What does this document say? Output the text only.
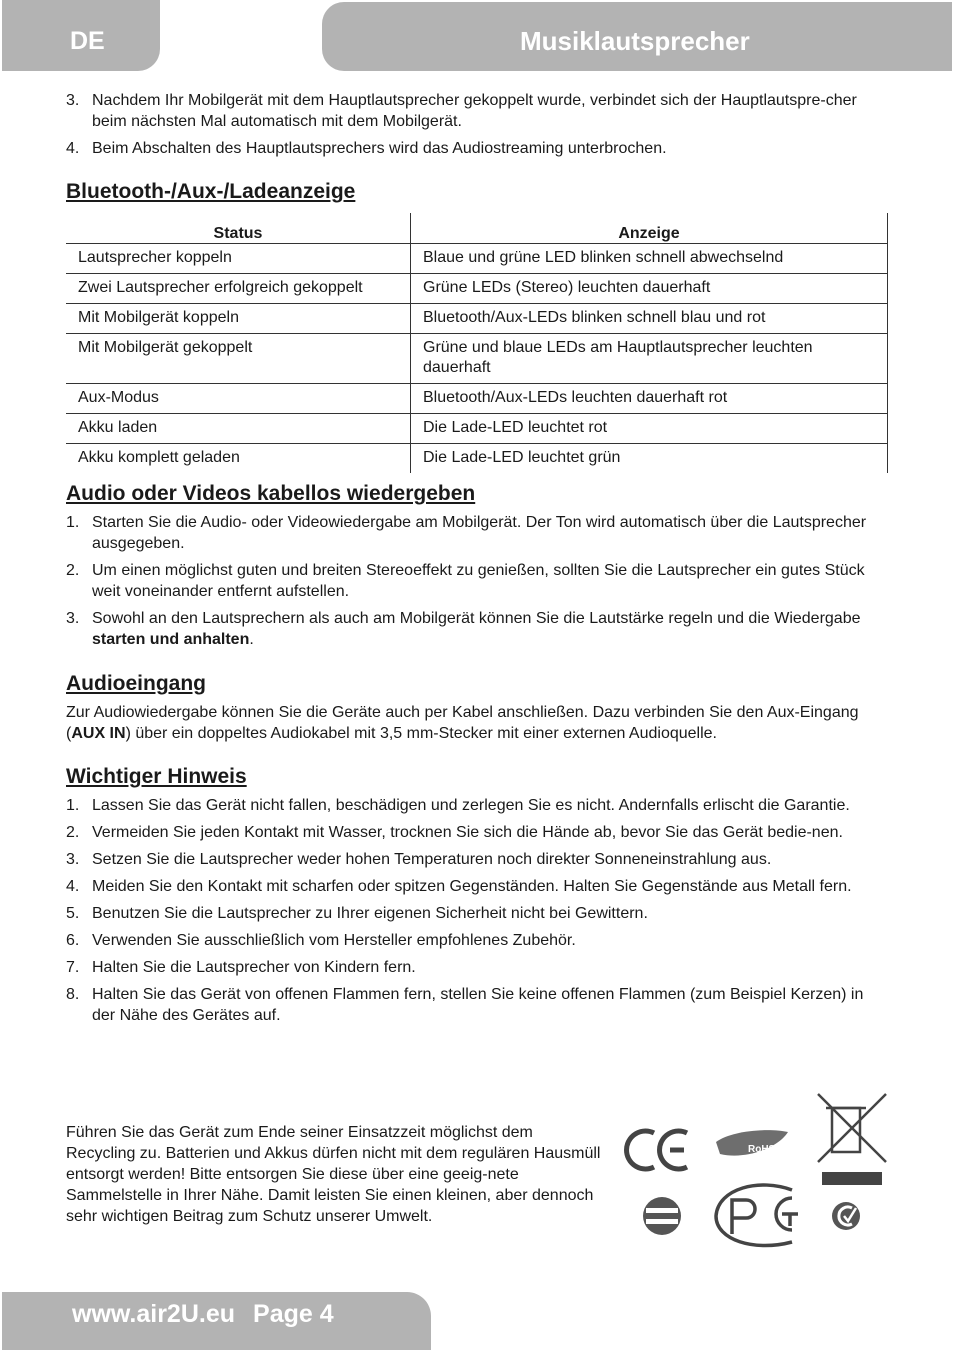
DE	Musiklautsprecher
3. Nachdem Ihr Mobilgerät mit dem Hauptlautsprecher gekoppelt wurde, verbindet sich der Hauptlautspre-cher beim nächsten Mal automatisch mit dem Mobilgerät.
4. Beim Abschalten des Hauptlautsprechers wird das Audiostreaming unterbrochen.
Bluetooth-/Aux-/Ladeanzeige
Status	Anzeige
Lautsprecher koppeln	Blaue und grüne LED blinken schnell abwechselnd
Zwei Lautsprecher erfolgreich gekoppelt	Grüne LEDs (Stereo) leuchten dauerhaft
Mit Mobilgerät koppeln	Bluetooth/Aux-LEDs blinken schnell blau und rot
Mit Mobilgerät gekoppelt	Grüne und blaue LEDs am Hauptlautsprecher leuchten dauerhaft
Aux-Modus	Bluetooth/Aux-LEDs leuchten dauerhaft rot
Akku laden	Die Lade-LED leuchtet rot
Akku komplett geladen	Die Lade-LED leuchtet grün
Audio oder Videos kabellos wiedergeben
1. Starten Sie die Audio- oder Videowiedergabe am Mobilgerät. Der Ton wird automatisch über die Lautsprecher ausgegeben.
2. Um einen möglichst guten und breiten Stereoeffekt zu genießen, sollten Sie die Lautsprecher ein gutes Stück weit voneinander entfernt aufstellen.
3. Sowohl an den Lautsprechern als auch am Mobilgerät können Sie die Lautstärke regeln und die Wiedergabe starten und anhalten.
Audioeingang
Zur Audiowiedergabe können Sie die Geräte auch per Kabel anschließen. Dazu verbinden Sie den Aux-Eingang (AUX IN) über ein doppeltes Audiokabel mit 3,5 mm-Stecker mit einer externen Audioquelle.
Wichtiger Hinweis
1. Lassen Sie das Gerät nicht fallen, beschädigen und zerlegen Sie es nicht. Andernfalls erlischt die Garantie.
2. Vermeiden Sie jeden Kontakt mit Wasser, trocknen Sie sich die Hände ab, bevor Sie das Gerät bedie-nen.
3. Setzen Sie die Lautsprecher weder hohen Temperaturen noch direkter Sonneneinstrahlung aus.
4. Meiden Sie den Kontakt mit scharfen oder spitzen Gegenständen. Halten Sie Gegenstände aus Metall fern.
5. Benutzen Sie die Lautsprecher zu Ihrer eigenen Sicherheit nicht bei Gewittern.
6. Verwenden Sie ausschließlich vom Hersteller empfohlenes Zubehör.
7. Halten Sie die Lautsprecher von Kindern fern.
8. Halten Sie das Gerät von offenen Flammen fern, stellen Sie keine offenen Flammen (zum Beispiel Kerzen) in der Nähe des Gerätes auf.
Führen Sie das Gerät zum Ende seiner Einsatzzeit möglichst dem Recycling zu. Batterien und Akkus dürfen nicht mit dem regulären Hausmüll entsorgt werden! Bitte entsorgen Sie diese über eine geeig-nete Sammelstelle in Ihrer Nähe. Damit leisten Sie einen kleinen, aber dennoch sehr wichtigen Beitrag zum Schutz unserer Umwelt.
RoHS
COMPLIANT
www.air2U.eu Page 4
